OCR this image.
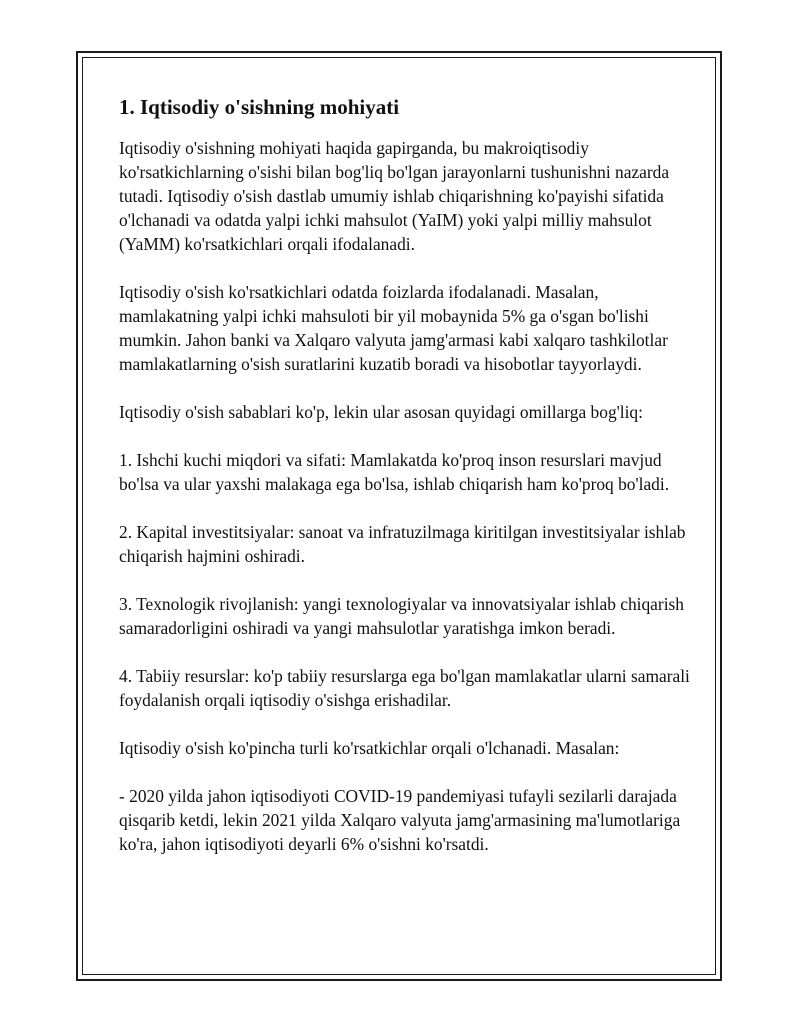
1. Iqtisodiy o'sishning mohiyati

Iqtisodiy o'sishning mohiyati haqida gapirganda, bu makroiqtisodiy ko'rsatkichlarning o'sishi bilan bog'liq bo'lgan jarayonlarni tushunishni nazarda tutadi. Iqtisodiy o'sish dastlab umumiy ishlab chiqarishning ko'payishi sifatida o'lchanadi va odatda yalpi ichki mahsulot (YaIM) yoki yalpi milliy mahsulot (YaMM) ko'rsatkichlari orqali ifodalanadi.

Iqtisodiy o'sish ko'rsatkichlari odatda foizlarda ifodalanadi. Masalan, mamlakatning yalpi ichki mahsuloti bir yil mobaynida 5% ga o'sgan bo'lishi mumkin. Jahon banki va Xalqaro valyuta jamg'armasi kabi xalqaro tashkilotlar mamlakatlarning o'sish suratlarini kuzatib boradi va hisobotlar tayyorlaydi.

Iqtisodiy o'sish sabablari ko'p, lekin ular asosan quyidagi omillarga bog'liq:

1. Ishchi kuchi miqdori va sifati: Mamlakatda ko'proq inson resurslari mavjud bo'lsa va ular yaxshi malakaga ega bo'lsa, ishlab chiqarish ham ko'proq bo'ladi.

2. Kapital investitsiyalar: sanoat va infratuzilmaga kiritilgan investitsiyalar ishlab chiqarish hajmini oshiradi.

3. Texnologik rivojlanish: yangi texnologiyalar va innovatsiyalar ishlab chiqarish samaradorligini oshiradi va yangi mahsulotlar yaratishga imkon beradi.

4. Tabiiy resurslar: ko'p tabiiy resurslarga ega bo'lgan mamlakatlar ularni samarali foydalanish orqali iqtisodiy o'sishga erishadilar.

Iqtisodiy o'sish ko'pincha turli ko'rsatkichlar orqali o'lchanadi. Masalan:

- 2020 yilda jahon iqtisodiyoti COVID-19 pandemiyasi tufayli sezilarli darajada qisqarib ketdi, lekin 2021 yilda Xalqaro valyuta jamg'armasining ma'lumotlariga ko'ra, jahon iqtisodiyoti deyarli 6% o'sishni ko'rsatdi.
